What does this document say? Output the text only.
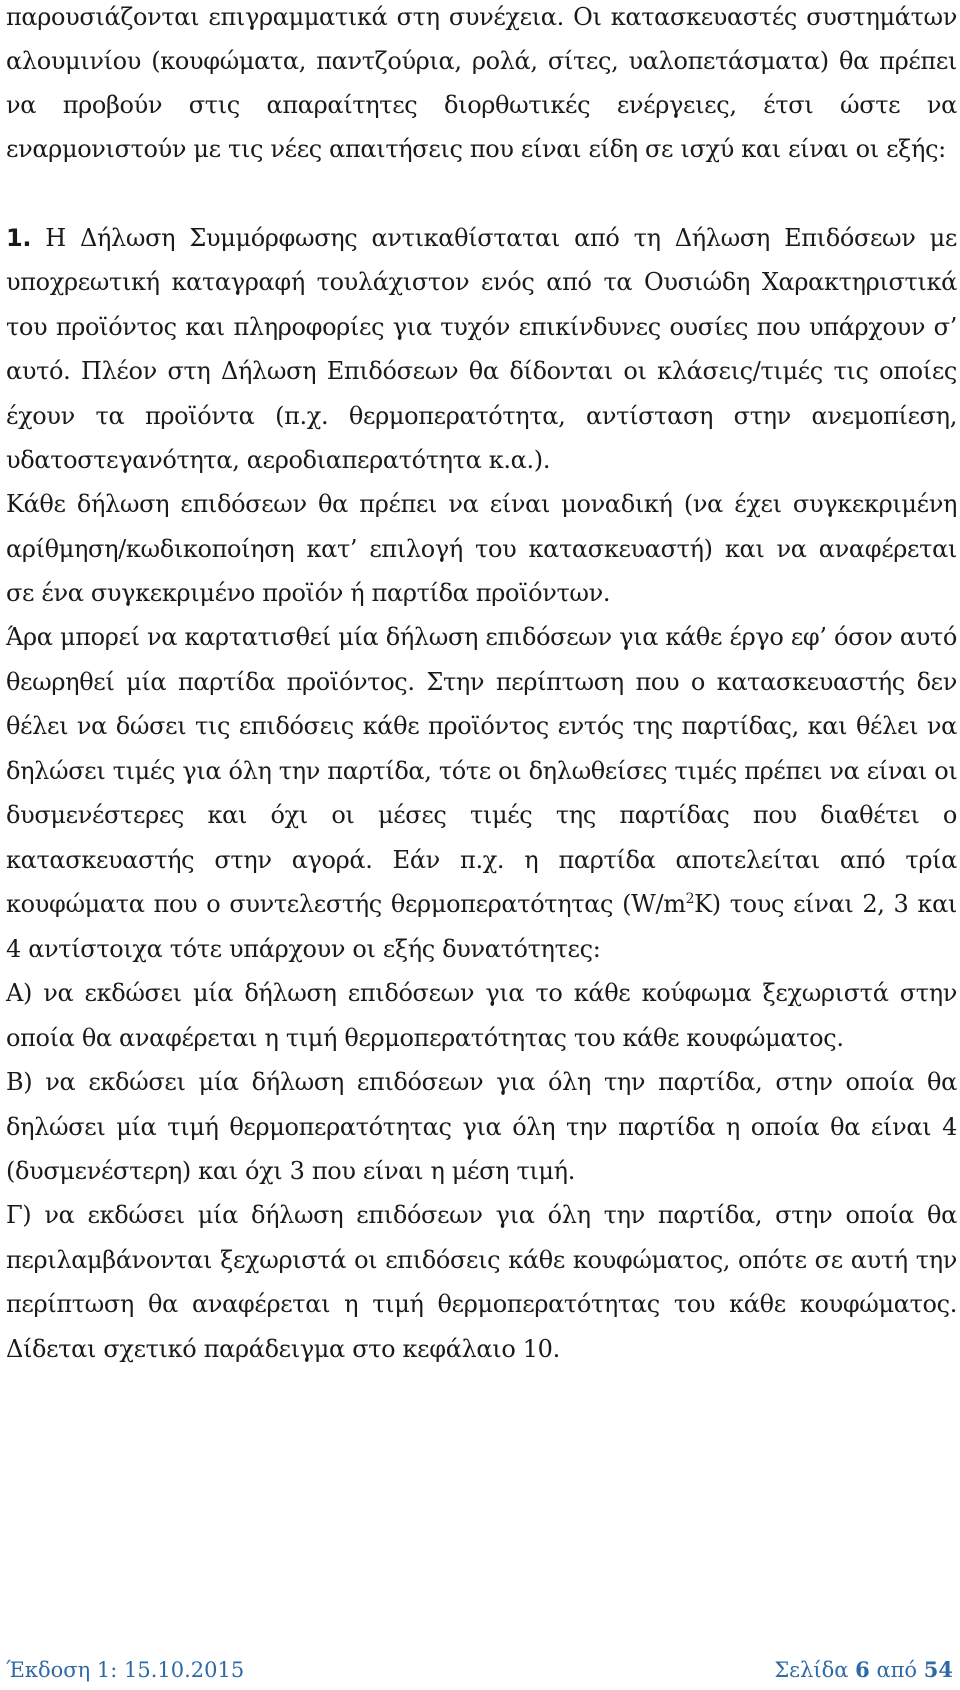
παρουσιάζονται επιγραμματικά στη συνέχεια. Οι κατασκευαστές συστημάτων
αλουμινίου (κουφώματα, παντζούρια, ρολά, σίτες, υαλοπετάσματα) θα πρέπει
να προβούν στις απαραίτητες διορθωτικές ενέργειες, έτσι ώστε να
εναρμονιστούν με τις νέες απαιτήσεις που είναι είδη σε ισχύ και είναι οι εξής:
1. Η Δήλωση Συμμόρφωσης αντικαθίσταται από τη Δήλωση Επιδόσεων με
υποχρεωτική καταγραφή τουλάχιστον ενός από τα Ουσιώδη Χαρακτηριστικά
του προϊόντος και πληροφορίες για τυχόν επικίνδυνες ουσίες που υπάρχουν σ’
αυτό. Πλέον στη Δήλωση Επιδόσεων θα δίδονται οι κλάσεις/τιμές τις οποίες
έχουν τα προϊόντα (π.χ. θερμοπερατότητα, αντίσταση στην ανεμοπίεση,
υδατοστεγανότητα, αεροδιαπερατότητα κ.α.).
Κάθε δήλωση επιδόσεων θα πρέπει να είναι μοναδική (να έχει συγκεκριμένη
αρίθμηση/κωδικοποίηση κατ’ επιλογή του κατασκευαστή) και να αναφέρεται
σε ένα συγκεκριμένο προϊόν ή παρτίδα προϊόντων.
Άρα μπορεί να καρτατισθεί μία δήλωση επιδόσεων για κάθε έργο εφ’ όσον αυτό
θεωρηθεί μία παρτίδα προϊόντος. Στην περίπτωση που ο κατασκευαστής δεν
θέλει να δώσει τις επιδόσεις κάθε προϊόντος εντός της παρτίδας, και θέλει να
δηλώσει τιμές για όλη την παρτίδα, τότε οι δηλωθείσες τιμές πρέπει να είναι οι
δυσμενέστερες και όχι οι μέσες τιμές της παρτίδας που διαθέτει ο
κατασκευαστής στην αγορά. Εάν π.χ. η παρτίδα αποτελείται από τρία
κουφώματα που ο συντελεστής θερμοπερατότητας $(W/m^2K)$ τους είναι 2, 3 και
4 αντίστοιχα τότε υπάρχουν οι εξής δυνατότητες:
Α) να εκδώσει μία δήλωση επιδόσεων για το κάθε κούφωμα ξεχωριστά στην
οποία θα αναφέρεται η τιμή θερμοπερατότητας του κάθε κουφώματος.
Β) να εκδώσει μία δήλωση επιδόσεων για όλη την παρτίδα, στην οποία θα
δηλώσει μία τιμή θερμοπερατότητας για όλη την παρτίδα η οποία θα είναι 4
(δυσμενέστερη) και όχι 3 που είναι η μέση τιμή.
Γ) να εκδώσει μία δήλωση επιδόσεων για όλη την παρτίδα, στην οποία θα
περιλαμβάνονται ξεχωριστά οι επιδόσεις κάθε κουφώματος, οπότε σε αυτή την
περίπτωση θα αναφέρεται η τιμή θερμοπερατότητας του κάθε κουφώματος.
Δίδεται σχετικό παράδειγμα στο κεφάλαιο 10.
Έκδοση 1: 15.10.2015	Σελίδα 6 από 54
